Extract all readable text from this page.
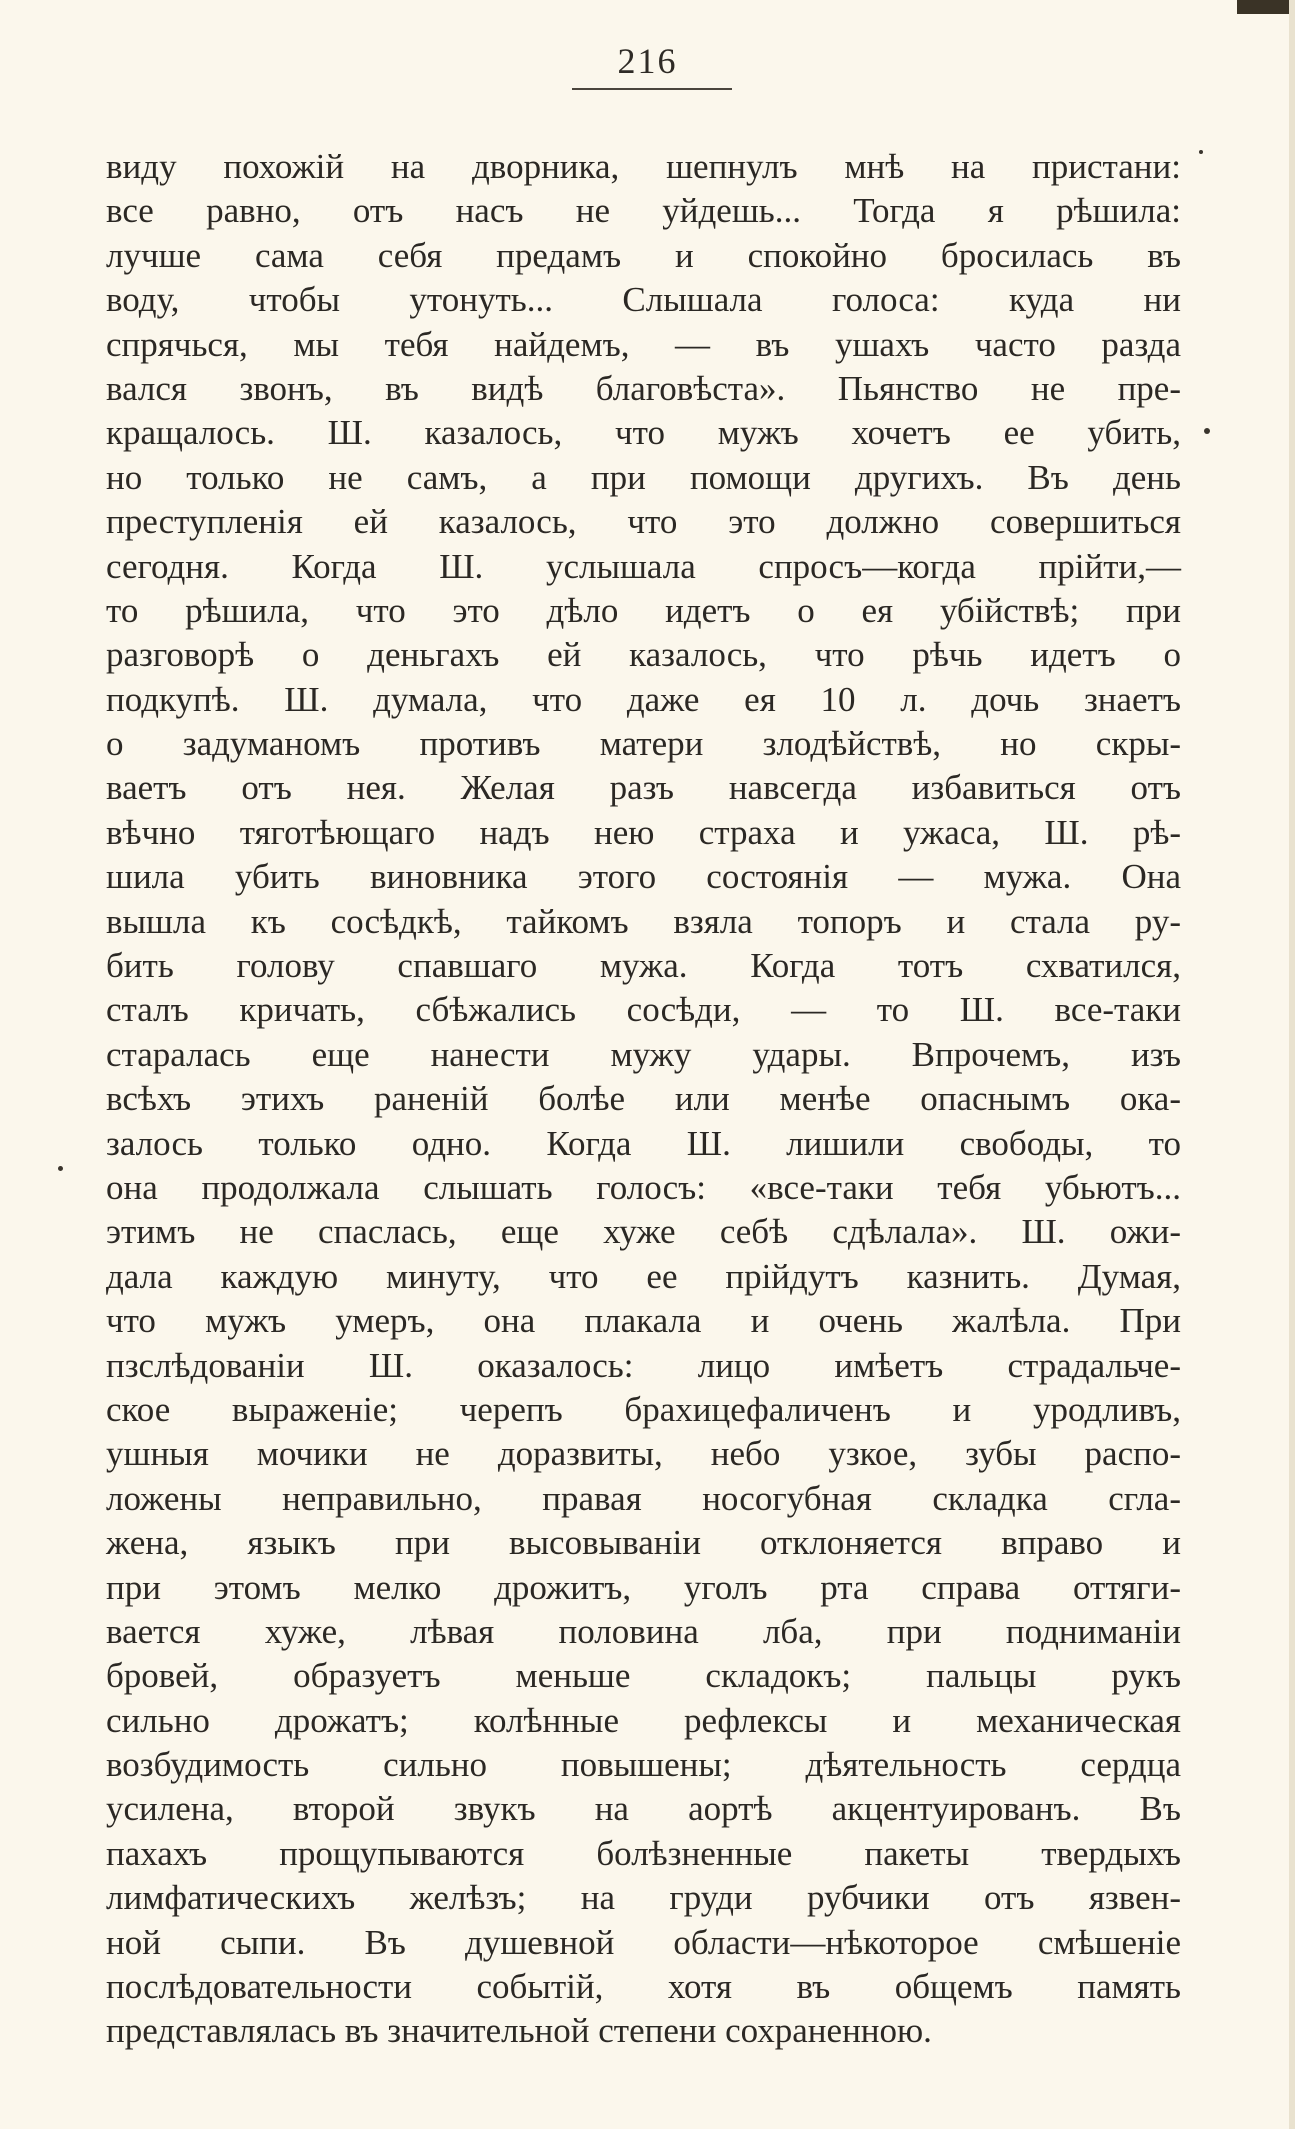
216
виду похожій на дворника, шепнулъ мнѣ на пристани:
все равно, отъ насъ не уйдешь... Тогда я рѣшила:
лучше сама себя предамъ и спокойно бросилась въ
воду, чтобы утонуть... Слышала голоса: куда ни
спрячься, мы тебя найдемъ, — въ ушахъ часто разда
вался звонъ, въ видѣ благовѣста». Пьянство не пре-
кращалось. Ш. казалось, что мужъ хочетъ ее убить,
но только не самъ, а при помощи другихъ. Въ день
преступленія ей казалось, что это должно совершиться
сегодня. Когда Ш. услышала спросъ—когда прійти,—
то рѣшила, что это дѣло идетъ о ея убійствѣ; при
разговорѣ о деньгахъ ей казалось, что рѣчь идетъ о
подкупѣ. Ш. думала, что даже ея 10 л. дочь знаетъ
о задуманомъ противъ матери злодѣйствѣ, но скры-
ваетъ отъ нея. Желая разъ навсегда избавиться отъ
вѣчно тяготѣющаго надъ нею страха и ужаса, Ш. рѣ-
шила убить виновника этого состоянія — мужа. Она
вышла къ сосѣдкѣ, тайкомъ взяла топоръ и стала ру-
бить голову спавшаго мужа. Когда тотъ схватился,
сталъ кричать, сбѣжались сосѣди, — то Ш. все-таки
старалась еще нанести мужу удары. Впрочемъ, изъ
всѣхъ этихъ раненій болѣе или менѣе опаснымъ ока-
залось только одно. Когда Ш. лишили свободы, то
она продолжала слышать голосъ: «все-таки тебя убьютъ...
этимъ не спаслась, еще хуже себѣ сдѣлала». Ш. ожи-
дала каждую минуту, что ее прійдутъ казнить. Думая,
что мужъ умеръ, она плакала и очень жалѣла. При
пзслѣдованіи Ш. оказалось: лицо имѣетъ страдальче-
ское выраженіе; черепъ брахицефаличенъ и уродливъ,
ушныя мочики не доразвиты, небо узкое, зубы распо-
ложены неправильно, правая носогубная складка сгла-
жена, языкъ при высовываніи отклоняется вправо и
при этомъ мелко дрожитъ, уголъ рта справа оттяги-
вается хуже, лѣвая половина лба, при подниманіи
бровей, образуетъ меньше складокъ; пальцы рукъ
сильно дрожатъ; колѣнные рефлексы и механическая
возбудимость сильно повышены; дѣятельность сердца
усилена, второй звукъ на аортѣ акцентуированъ. Въ
пахахъ прощупываются болѣзненные пакеты твердыхъ
лимфатическихъ желѣзъ; на груди рубчики отъ язвен-
ной сыпи. Въ душевной области—нѣкоторое смѣшеніе
послѣдовательности событій, хотя въ общемъ память
представлялась въ значительной степени сохраненною.
